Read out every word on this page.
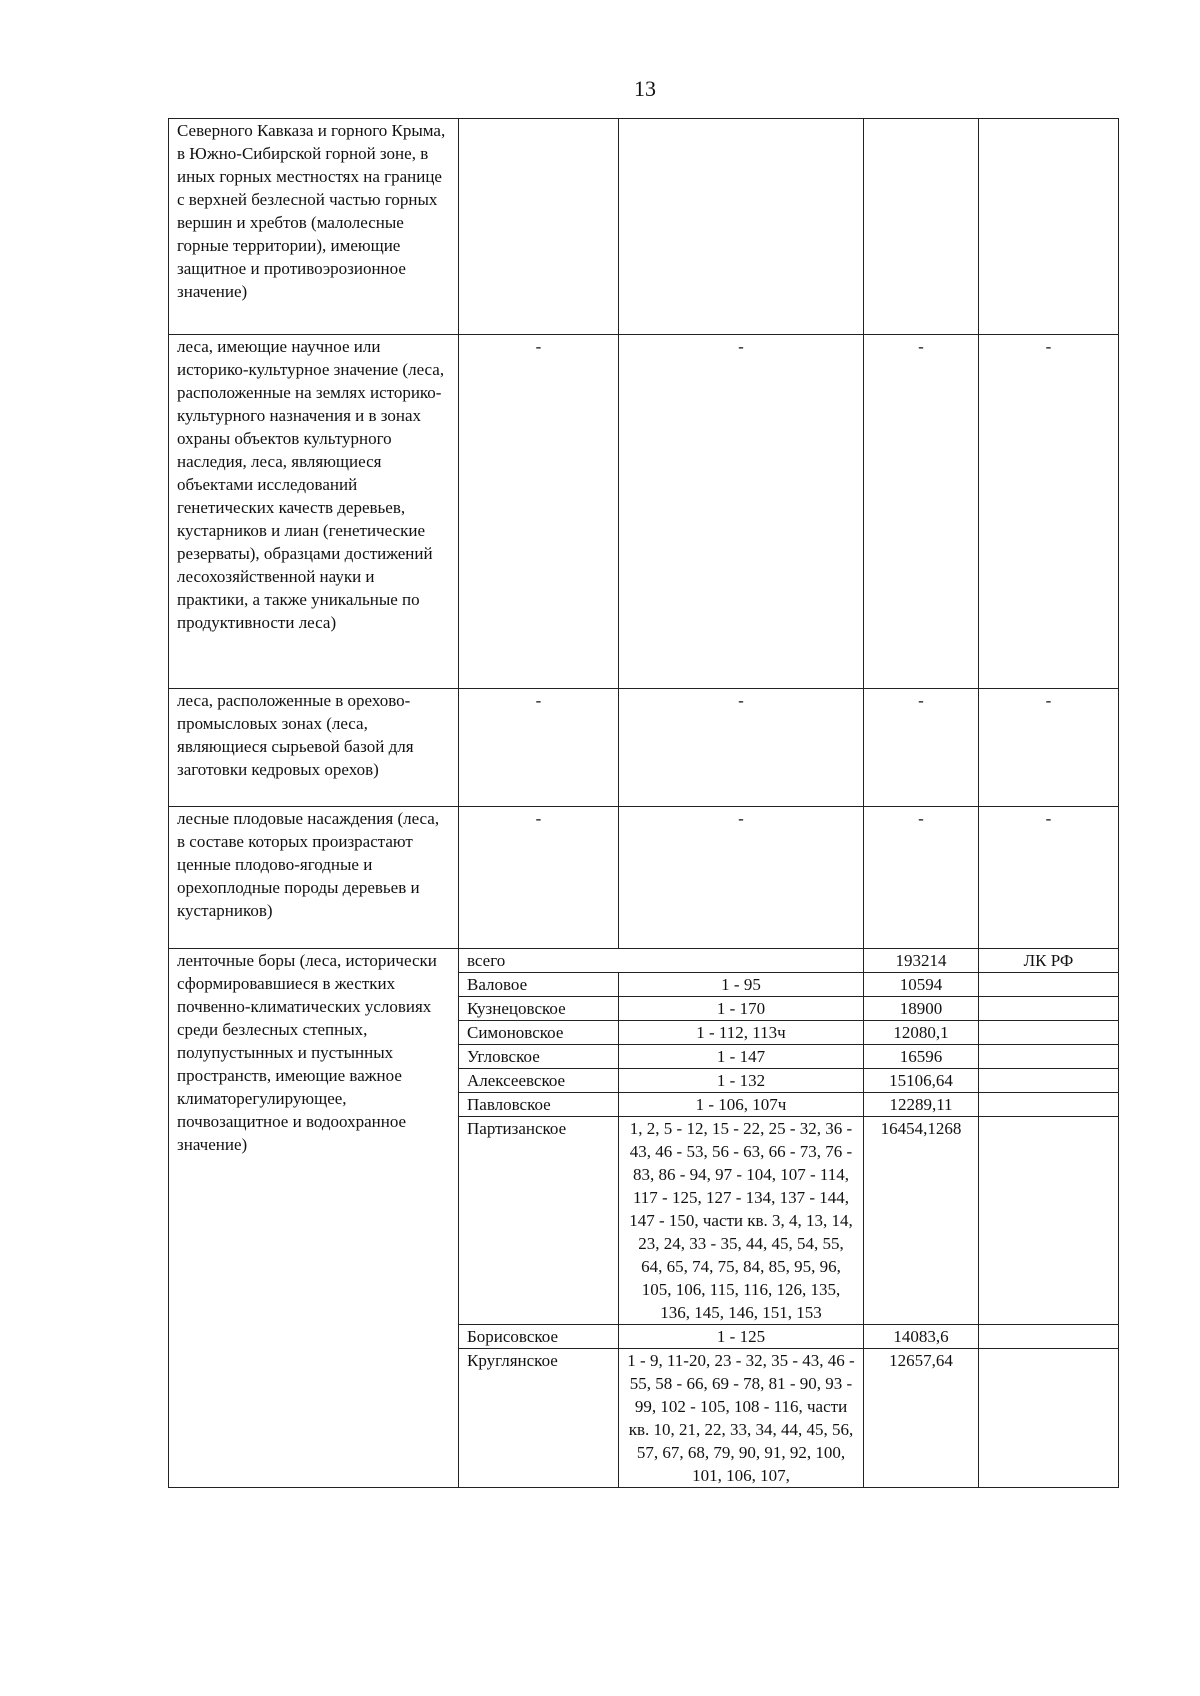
13
Северного Кавказа и горного Крыма, в Южно-Сибирской горной зоне, в иных горных местностях на границе с верхней безлесной частью горных вершин и хребтов (малолесные горные территории), имеющие защитное и противоэрозионное значение)				
леса, имеющие научное или историко-культурное значение (леса, расположенные на землях историко-культурного назначения и в зонах охраны объектов культурного наследия, леса, являющиеся объектами исследований генетических качеств деревьев, кустарников и лиан (генетические резерваты), образцами достижений лесохозяйственной науки и практики, а также уникальные по продуктивности леса)	-	-	-	-
леса, расположенные в орехово-промысловых зонах (леса, являющиеся сырьевой базой для заготовки кедровых орехов)	-	-	-	-
лесные плодовые насаждения (леса, в составе которых произрастают ценные плодово-ягодные и орехоплодные породы деревьев и кустарников)	-	-	-	-
ленточные боры (леса, исторически сформировавшиеся в жестких почвенно-климатических условиях среди безлесных степных, полупустынных и пустынных пространств, имеющие важное климаторегулирующее, почвозащитное и водоохранное значение)	всего		193214	ЛК РФ
	Валовое	1 - 95	10594	
	Кузнецовское	1 - 170	18900	
	Симоновское	1 - 112, 113ч	12080,1	
	Угловское	1 - 147	16596	
	Алексеевское	1 - 132	15106,64	
	Павловское	1 - 106, 107ч	12289,11	
	Партизанское	1, 2, 5 - 12, 15 - 22, 25 - 32, 36 - 43, 46 - 53, 56 - 63, 66 - 73, 76 - 83, 86 - 94, 97 - 104, 107 - 114, 117 - 125, 127 - 134, 137 - 144, 147 - 150, части кв. 3, 4, 13, 14, 23, 24, 33 - 35, 44, 45, 54, 55, 64, 65, 74, 75, 84, 85, 95, 96, 105, 106, 115, 116, 126, 135, 136, 145, 146, 151, 153	16454,1268	
	Борисовское	1 - 125	14083,6	
	Круглянское	1 - 9, 11-20, 23 - 32, 35 - 43, 46 - 55, 58 - 66, 69 - 78, 81 - 90, 93 - 99, 102 - 105, 108 - 116, части кв. 10, 21, 22, 33, 34, 44, 45, 56, 57, 67, 68, 79, 90, 91, 92, 100, 101, 106, 107,	12657,64	
